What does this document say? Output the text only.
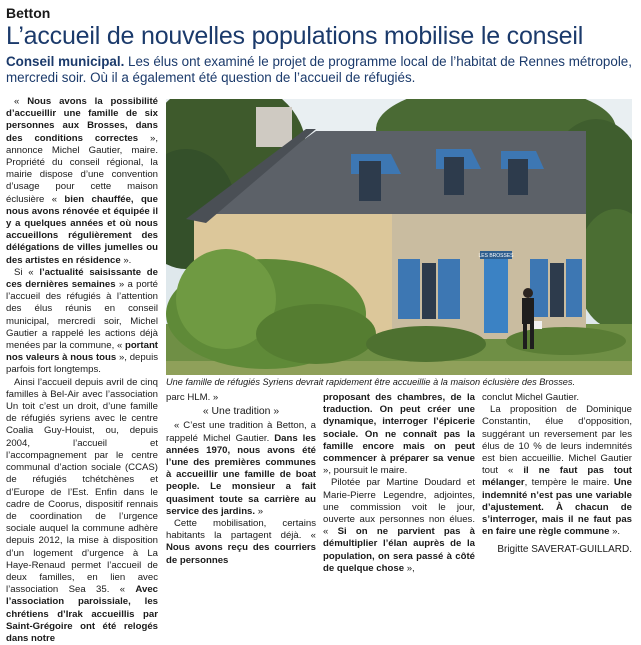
Betton
L’accueil de nouvelles populations mobilise le conseil
Conseil municipal. Les élus ont examiné le projet de programme local de l’habitat de Rennes métropole, mercredi soir. Où il a également été question de l’accueil de réfugiés.

« Nous avons la possibilité d’accueillir une famille de six personnes aux Brosses, dans des conditions correctes », annonce Michel Gautier, maire. Propriété du conseil régional, la mairie dispose d’une convention d’usage pour cette maison éclusière « bien chauffée, que nous avons rénovée et équipée il y a quelques années et où nous accueillons régulièrement des délégations de villes jumelles ou des artistes en résidence ».

Si « l’actualité saisissante de ces dernières semaines » a porté l’accueil des réfugiés à l’attention des élus réunis en conseil municipal, mercredi soir, Michel Gautier a rappelé les actions déjà menées par la commune, « portant nos valeurs à nous tous », depuis parfois fort longtemps.

Ainsi l’accueil depuis avril de cinq familles à Bel-Air avec l’association Un toit c’est un droit, d’une famille de réfugiés syriens avec le centre Coalia Guy-Houist, ou, depuis 2004, l’accueil et l’accompagnement par le centre communal d’action sociale (CCAS) de réfugiés tchétchènes et d’Europe de l’Est. Enfin dans le cadre de Coorus, dispositif rennais de coordination de l’urgence sociale auquel la commune adhère depuis 2012, la mise à disposition d’un logement d’urgence à La Haye-Renaud permet l’accueil de deux familles, en lien avec l’association Sea 35. « Avec l’association paroissiale, les chrétiens d’Irak accueillis par Saint-Grégoire ont été relogés dans notre

LES BROSSES
Une famille de réfugiés Syriens devrait rapidement être accueillie à la maison éclusière des Brosses.

parc HLM. »

« Une tradition »

« C’est une tradition à Betton, a rappelé Michel Gautier. Dans les années 1970, nous avons été l’une des premières communes à accueillir une famille de boat people. Le monsieur a fait quasiment toute sa carrière au service des jardins. »

Cette mobilisation, certains habitants la partagent déjà. « Nous avons reçu des courriers de personnes

proposant des chambres, de la traduction. On peut créer une dynamique, interroger l’épicerie sociale. On ne connaît pas la famille encore mais on peut commencer à préparer sa venue », poursuit le maire.

Pilotée par Martine Doudard et Marie-Pierre Legendre, adjointes, une commission voit le jour, ouverte aux personnes non élues. « Si on ne parvient pas à démultiplier l’élan auprès de la population, on sera passé à côté de quelque chose »,

conclut Michel Gautier.

La proposition de Dominique Constantin, élue d’opposition, suggérant un reversement par les élus de 10 % de leurs indemnités est bien accueillie. Michel Gautier tout « il ne faut pas tout mélanger, tempère le maire. Une indemnité n’est pas une variable d’ajustement. À chacun de s’interroger, mais il ne faut pas en faire une règle commune ».

Brigitte SAVERAT-GUILLARD.
